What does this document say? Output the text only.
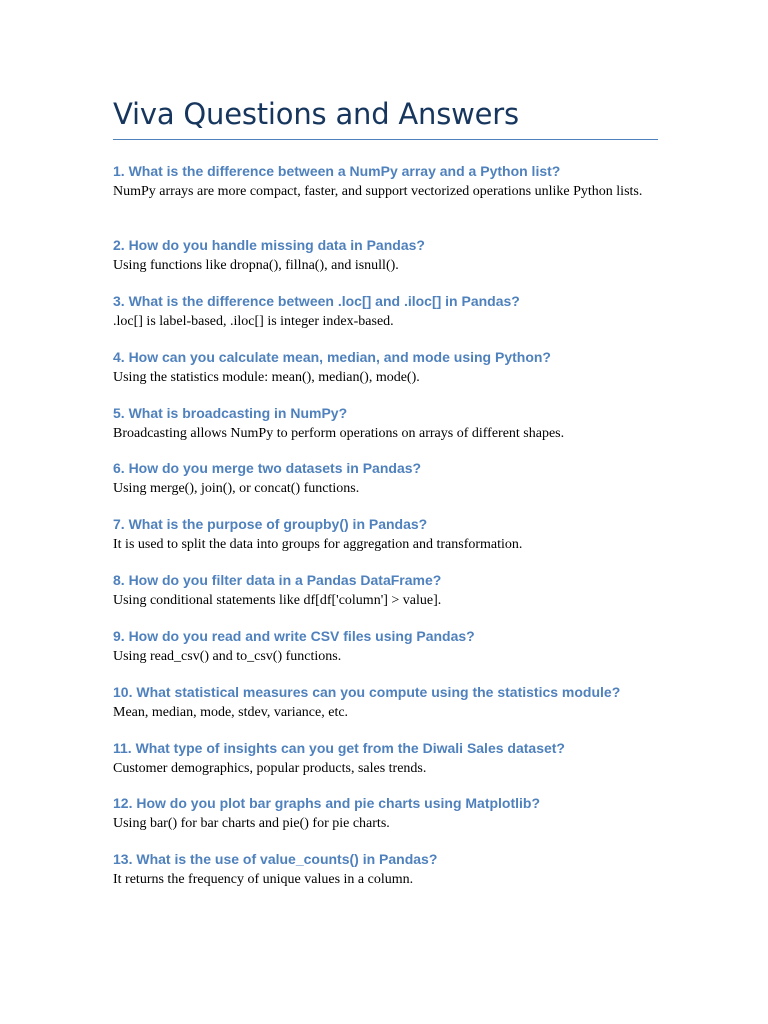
Viva Questions and Answers
1. What is the difference between a NumPy array and a Python list?
NumPy arrays are more compact, faster, and support vectorized operations unlike Python lists.
2. How do you handle missing data in Pandas?
Using functions like dropna(), fillna(), and isnull().
3. What is the difference between .loc[] and .iloc[] in Pandas?
.loc[] is label-based, .iloc[] is integer index-based.
4. How can you calculate mean, median, and mode using Python?
Using the statistics module: mean(), median(), mode().
5. What is broadcasting in NumPy?
Broadcasting allows NumPy to perform operations on arrays of different shapes.
6. How do you merge two datasets in Pandas?
Using merge(), join(), or concat() functions.
7. What is the purpose of groupby() in Pandas?
It is used to split the data into groups for aggregation and transformation.
8. How do you filter data in a Pandas DataFrame?
Using conditional statements like df[df['column'] > value].
9. How do you read and write CSV files using Pandas?
Using read_csv() and to_csv() functions.
10. What statistical measures can you compute using the statistics module?
Mean, median, mode, stdev, variance, etc.
11. What type of insights can you get from the Diwali Sales dataset?
Customer demographics, popular products, sales trends.
12. How do you plot bar graphs and pie charts using Matplotlib?
Using bar() for bar charts and pie() for pie charts.
13. What is the use of value_counts() in Pandas?
It returns the frequency of unique values in a column.
